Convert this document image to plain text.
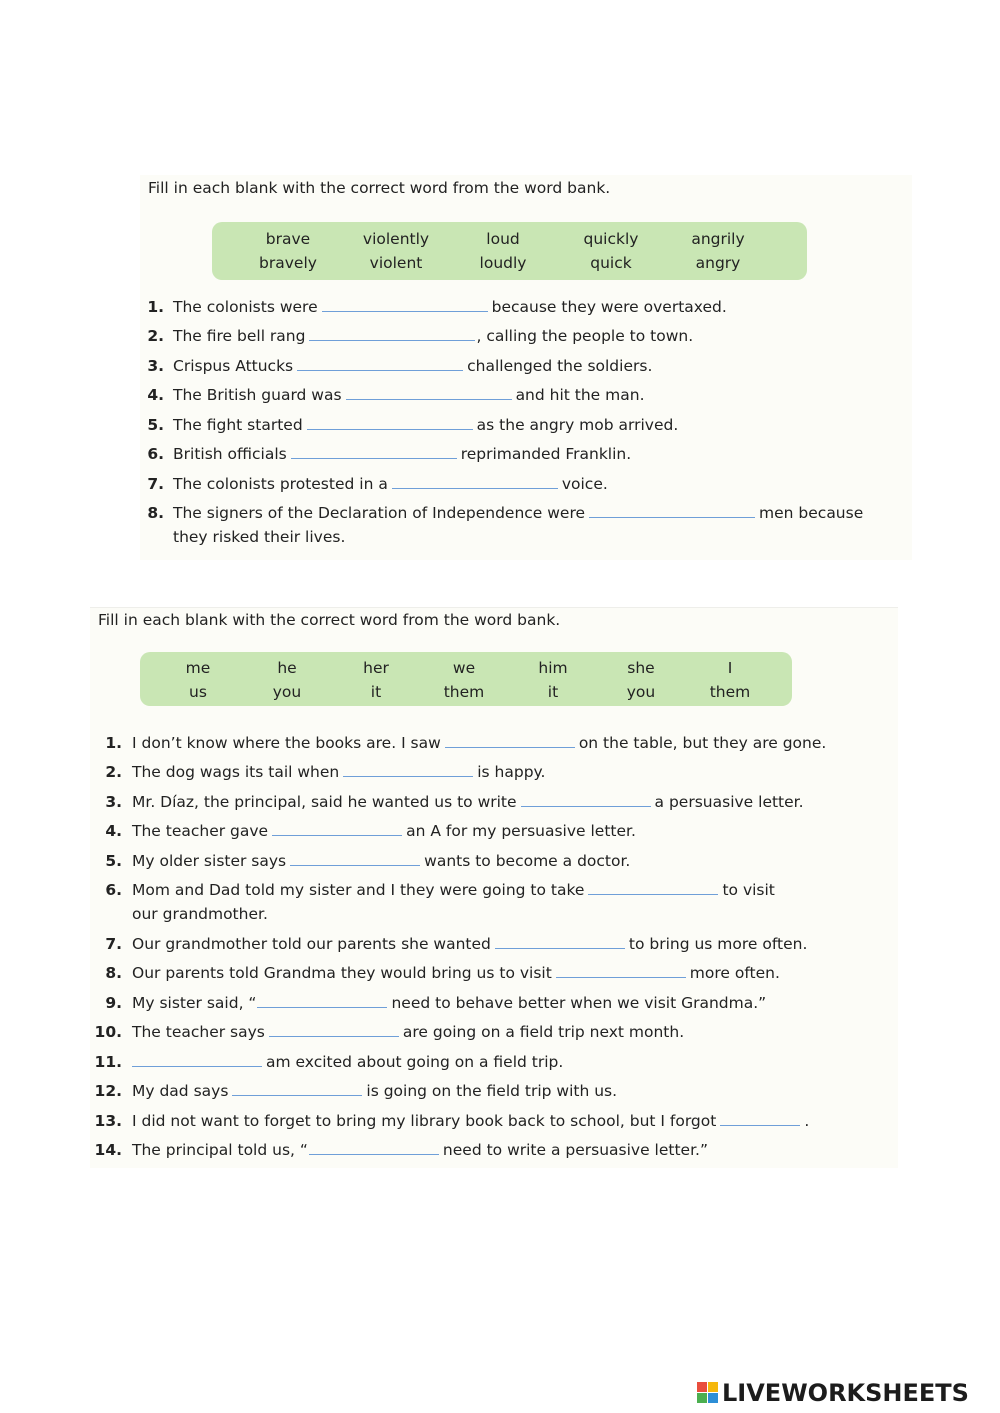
Fill in each blank with the correct word from the word bank.
brave	violently	loud	quickly	angrily
bravely	violent	loudly	quick	angry
1. The colonists were	because they were overtaxed.
2. The fire bell rang	, calling the people to town.
3. Crispus Attucks	challenged the soldiers.
4. The British guard was	and hit the man.
5. The fight started	as the angry mob arrived.
6. British officials	reprimanded Franklin.
7. The colonists protested in a	voice.
8. The signers of the Declaration of Independence were	men because
they risked their lives.
Fill in each blank with the correct word from the word bank.
me	he	her	we	him	she	I
us	you	it	them	it	you	them
1. I don’t know where the books are. I saw	on the table, but they are gone.
2. The dog wags its tail when	is happy.
3. Mr. Díaz, the principal, said he wanted us to write	a persuasive letter.
4. The teacher gave	an A for my persuasive letter.
5. My older sister says	wants to become a doctor.
6. Mom and Dad told my sister and I they were going to take	to visit
our grandmother.
7. Our grandmother told our parents she wanted	to bring us more often.
8. Our parents told Grandma they would bring us to visit	more often.
9. My sister said, “	need to behave better when we visit Grandma.”
10. The teacher says	are going on a field trip next month.
11.	am excited about going on a field trip.
12. My dad says	is going on the field trip with us.
13. I did not want to forget to bring my library book back to school, but I forgot	.
14. The principal told us, “	need to write a persuasive letter.”
LIVEWORKSHEETS
